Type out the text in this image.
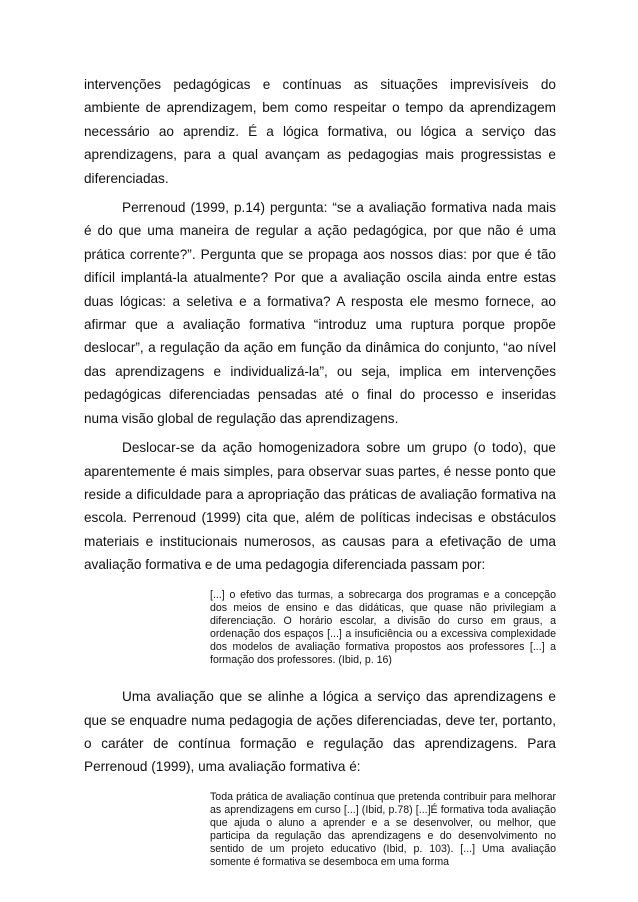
intervenções pedagógicas e contínuas as situações imprevisíveis do ambiente de aprendizagem, bem como respeitar o tempo da aprendizagem necessário ao aprendiz. É a lógica formativa, ou lógica a serviço das aprendizagens, para a qual avançam as pedagogias mais progressistas e diferenciadas.

Perrenoud (1999, p.14) pergunta: “se a avaliação formativa nada mais é do que uma maneira de regular a ação pedagógica, por que não é uma prática corrente?”. Pergunta que se propaga aos nossos dias: por que é tão difícil implantá-la atualmente? Por que a avaliação oscila ainda entre estas duas lógicas: a seletiva e a formativa? A resposta ele mesmo fornece, ao afirmar que a avaliação formativa “introduz uma ruptura porque propõe deslocar”, a regulação da ação em função da dinâmica do conjunto, “ao nível das aprendizagens e individualizá-la”, ou seja, implica em intervenções pedagógicas diferenciadas pensadas até o final do processo e inseridas numa visão global de regulação das aprendizagens.

Deslocar-se da ação homogenizadora sobre um grupo (o todo), que aparentemente é mais simples, para observar suas partes, é nesse ponto que reside a dificuldade para a apropriação das práticas de avaliação formativa na escola. Perrenoud (1999) cita que, além de políticas indecisas e obstáculos materiais e institucionais numerosos, as causas para a efetivação de uma avaliação formativa e de uma pedagogia diferenciada passam por:

[...] o efetivo das turmas, a sobrecarga dos programas e a concepção dos meios de ensino e das didáticas, que quase não privilegiam a diferenciação. O horário escolar, a divisão do curso em graus, a ordenação dos espaços [...] a insuficiência ou a excessiva complexidade dos modelos de avaliação formativa propostos aos professores [...] a formação dos professores. (Ibid, p. 16)

Uma avaliação que se alinhe a lógica a serviço das aprendizagens e que se enquadre numa pedagogia de ações diferenciadas, deve ter, portanto, o caráter de contínua formação e regulação das aprendizagens. Para Perrenoud (1999), uma avaliação formativa é:

Toda prática de avaliação contínua que pretenda contribuir para melhorar as aprendizagens em curso [...] (Ibid, p.78) [...]É formativa toda avaliação que ajuda o aluno a aprender e a se desenvolver, ou melhor, que participa da regulação das aprendizagens e do desenvolvimento no sentido de um projeto educativo (Ibid, p. 103). [...] Uma avaliação somente é formativa se desemboca em uma forma
